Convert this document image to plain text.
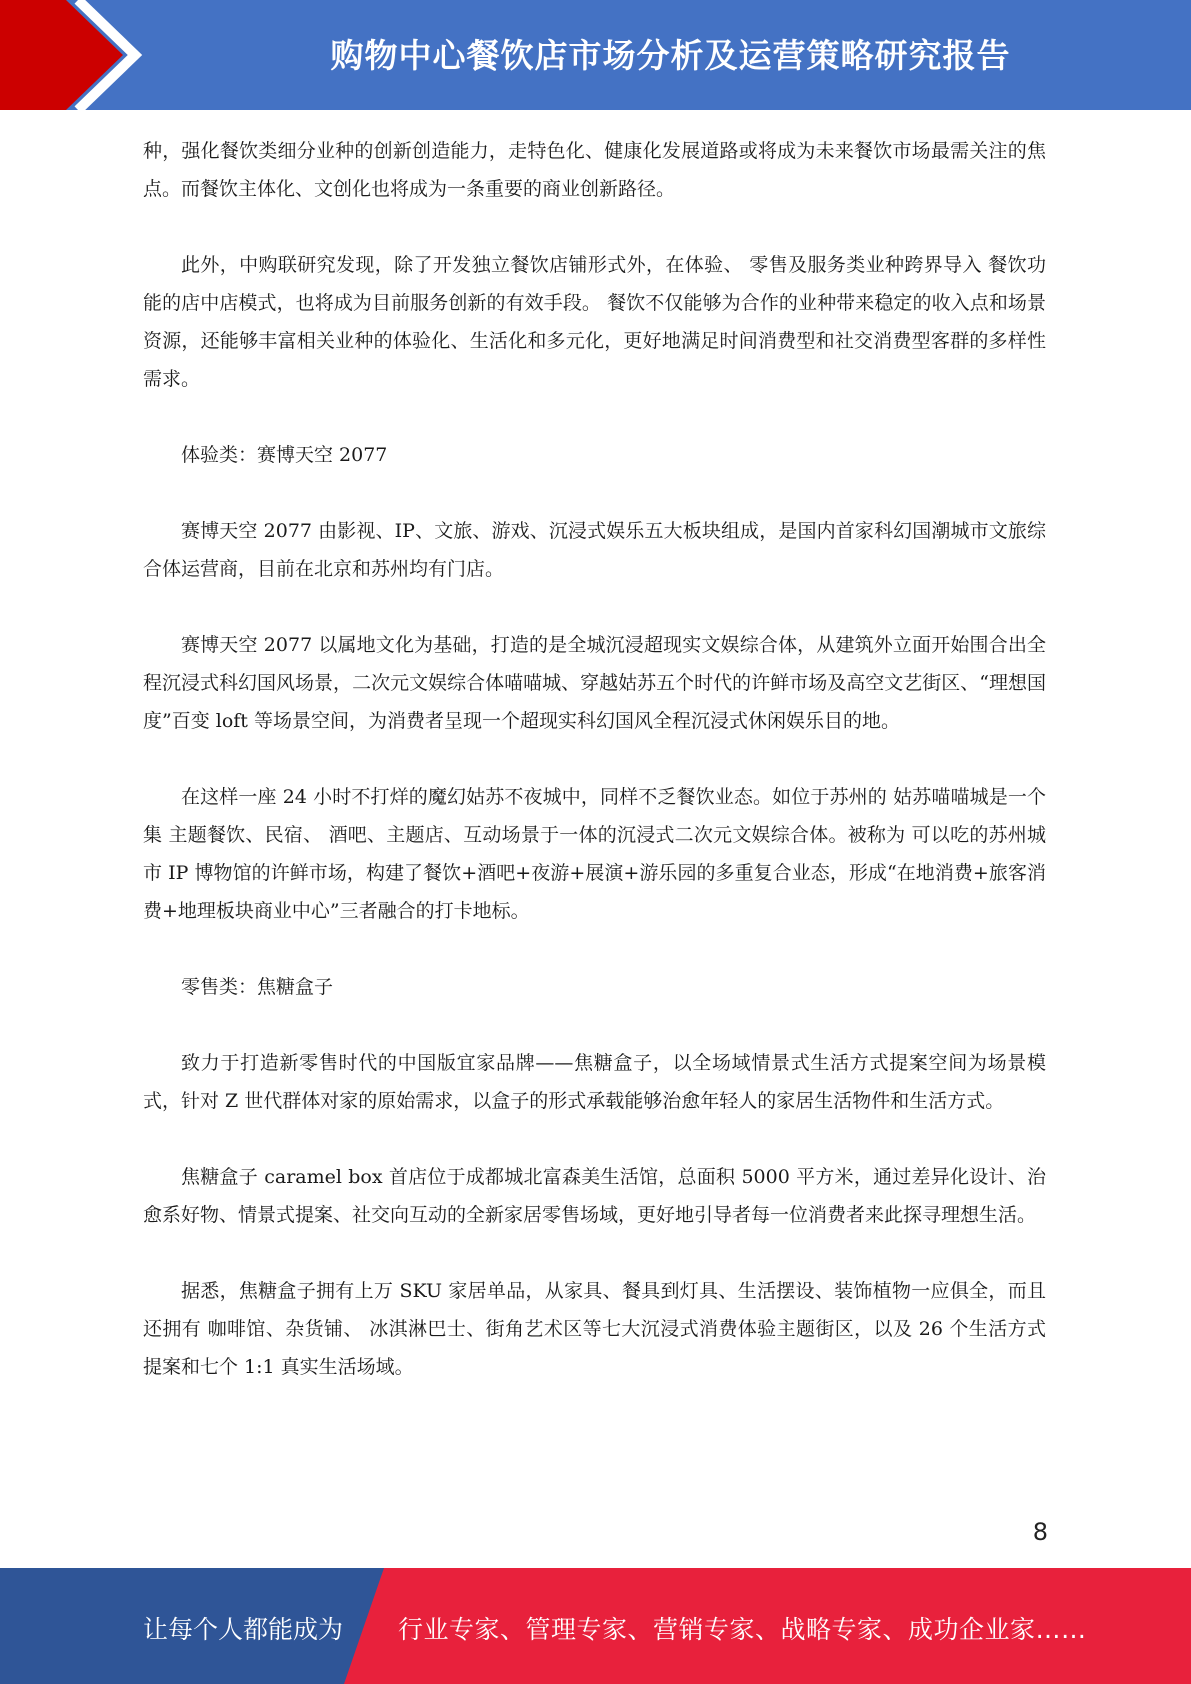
购物中心餐饮店市场分析及运营策略研究报告

种，强化餐饮类细分业种的创新创造能力，走特色化、健康化发展道路或将成为未来餐饮市场最需关注的焦点。而餐饮主体化、文创化也将成为一条重要的商业创新路径。

此外，中购联研究发现，除了开发独立餐饮店铺形式外，在体验、 零售及服务类业种跨界导入 餐饮功能的店中店模式，也将成为目前服务创新的有效手段。 餐饮不仅能够为合作的业种带来稳定的收入点和场景资源，还能够丰富相关业种的体验化、生活化和多元化，更好地满足时间消费型和社交消费型客群的多样性需求。

体验类：赛博天空 2077

赛博天空 2077 由影视、IP、文旅、游戏、沉浸式娱乐五大板块组成，是国内首家科幻国潮城市文旅综合体运营商，目前在北京和苏州均有门店。

赛博天空 2077 以属地文化为基础，打造的是全城沉浸超现实文娱综合体，从建筑外立面开始围合出全程沉浸式科幻国风场景，二次元文娱综合体喵喵城、穿越姑苏五个时代的许鲜市场及高空文艺街区、“理想国度”百变 loft 等场景空间，为消费者呈现一个超现实科幻国风全程沉浸式休闲娱乐目的地。

在这样一座 24 小时不打烊的魔幻姑苏不夜城中，同样不乏餐饮业态。如位于苏州的 姑苏喵喵城是一个集 主题餐饮、民宿、 酒吧、主题店、互动场景于一体的沉浸式二次元文娱综合体。被称为 可以吃的苏州城市 IP 博物馆的许鲜市场，构建了餐饮+酒吧+夜游+展演+游乐园的多重复合业态，形成“在地消费+旅客消费+地理板块商业中心”三者融合的打卡地标。

零售类：焦糖盒子

致力于打造新零售时代的中国版宜家品牌——焦糖盒子，以全场域情景式生活方式提案空间为场景模式，针对 Z 世代群体对家的原始需求，以盒子的形式承载能够治愈年轻人的家居生活物件和生活方式。

焦糖盒子 caramel box 首店位于成都城北富森美生活馆，总面积 5000 平方米，通过差异化设计、治愈系好物、情景式提案、社交向互动的全新家居零售场域，更好地引导者每一位消费者来此探寻理想生活。

据悉，焦糖盒子拥有上万 SKU 家居单品，从家具、餐具到灯具、生活摆设、装饰植物一应俱全，而且还拥有 咖啡馆、杂货铺、 冰淇淋巴士、街角艺术区等七大沉浸式消费体验主题街区，以及 26 个生活方式提案和七个 1:1 真实生活场域。

8
让每个人都能成为 行业专家、管理专家、营销专家、战略专家、成功企业家……
